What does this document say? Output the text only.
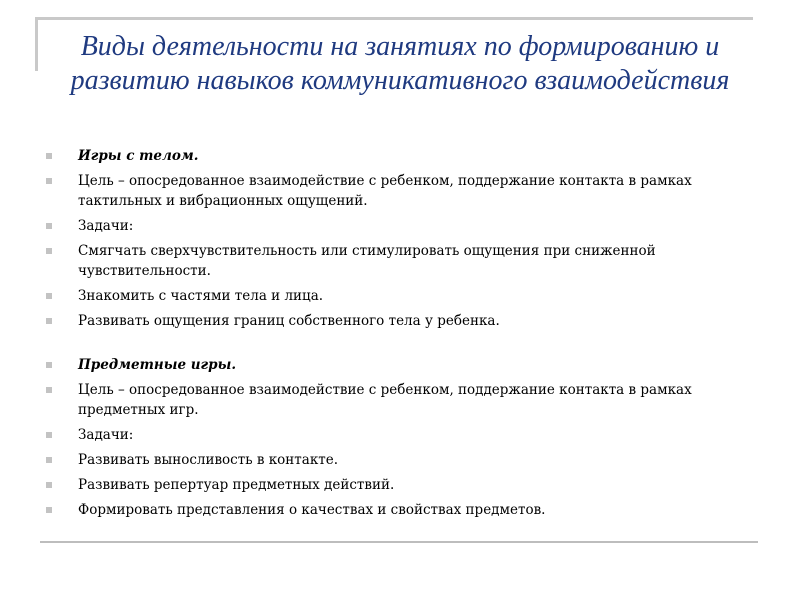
Виды деятельности на занятиях по формированию и развитию навыков коммуникативного взаимодействия
Игры с телом.
Цель – опосредованное взаимодействие с ребенком, поддержание контакта в рамках тактильных и вибрационных ощущений.
Задачи:
Смягчать сверхчувствительность или стимулировать ощущения при сниженной чувствительности.
Знакомить с частями тела и лица.
Развивать ощущения границ собственного тела у ребенка.
Предметные игры.
Цель – опосредованное взаимодействие с ребенком, поддержание контакта в рамках предметных игр.
Задачи:
Развивать выносливость в контакте.
Развивать репертуар предметных действий.
Формировать представления о качествах и свойствах предметов.
